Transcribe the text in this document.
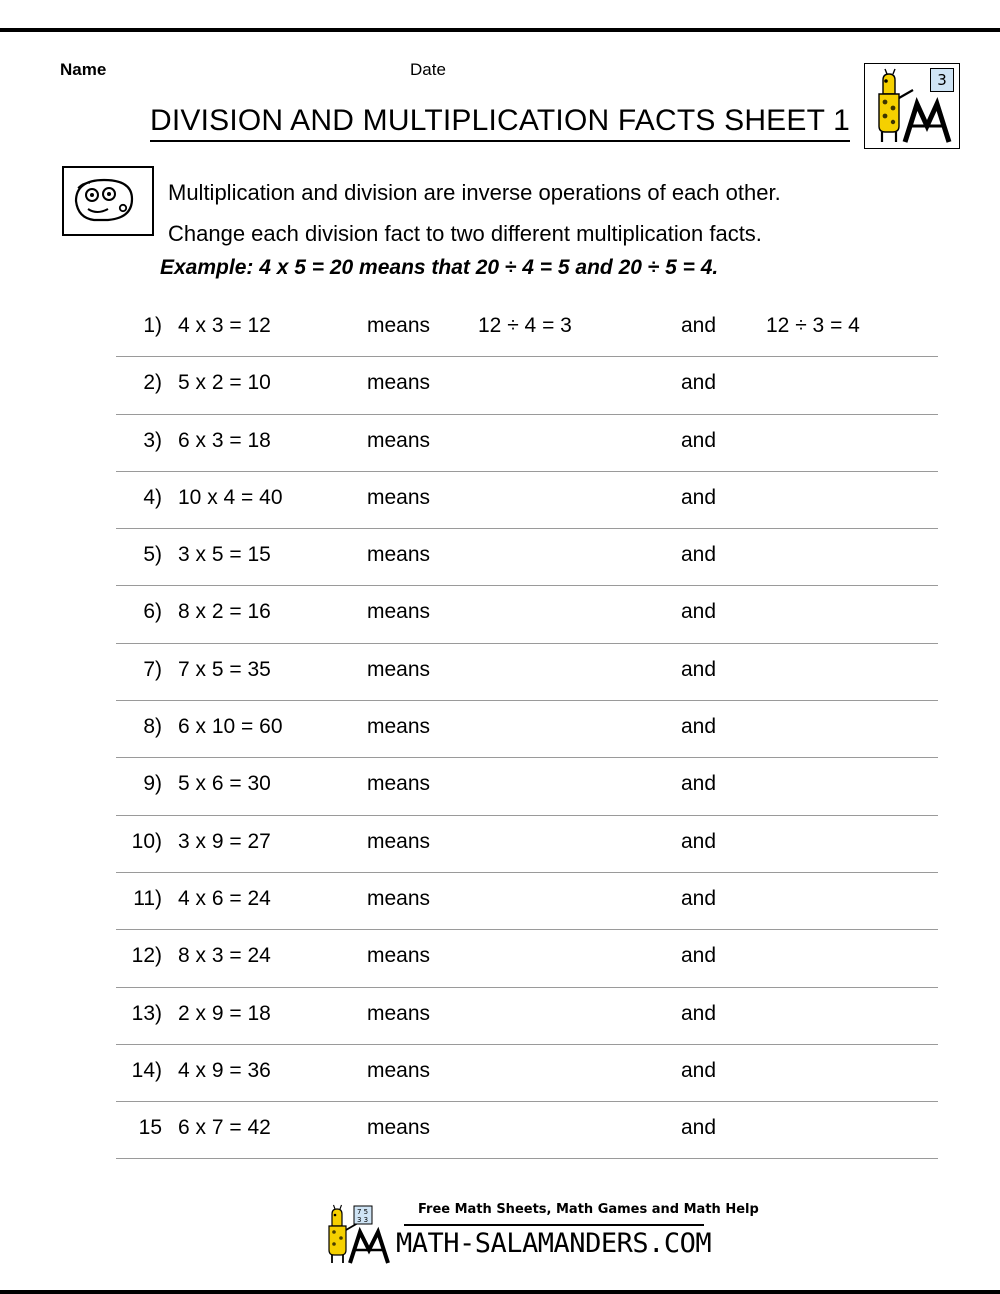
Name	Date
DIVISION AND MULTIPLICATION FACTS SHEET 1
3
Multiplication and division are inverse operations of each other.
Change each division fact to two different multiplication facts.
Example: 4 x 5 = 20 means that 20 ÷ 4 = 5 and 20 ÷ 5 = 4.
1) 4 x 3 = 12	means 12 ÷ 4 = 3	and 12 ÷ 3 = 4
2) 5 x 2 = 10	means	and
3) 6 x 3 = 18	means	and
4) 10 x 4 = 40	means	and
5) 3 x 5 = 15	means	and
6) 8 x 2 = 16	means	and
7) 7 x 5 = 35	means	and
8) 6 x 10 = 60	means	and
9) 5 x 6 = 30	means	and
10) 3 x 9 = 27	means	and
11) 4 x 6 = 24	means	and
12) 8 x 3 = 24	means	and
13) 2 x 9 = 18	means	and
14) 4 x 9 = 36	means	and
15 6 x 7 = 42	means	and
7 5
3 3
Free Math Sheets, Math Games and Math Help
MATH-SALAMANDERS.COM
